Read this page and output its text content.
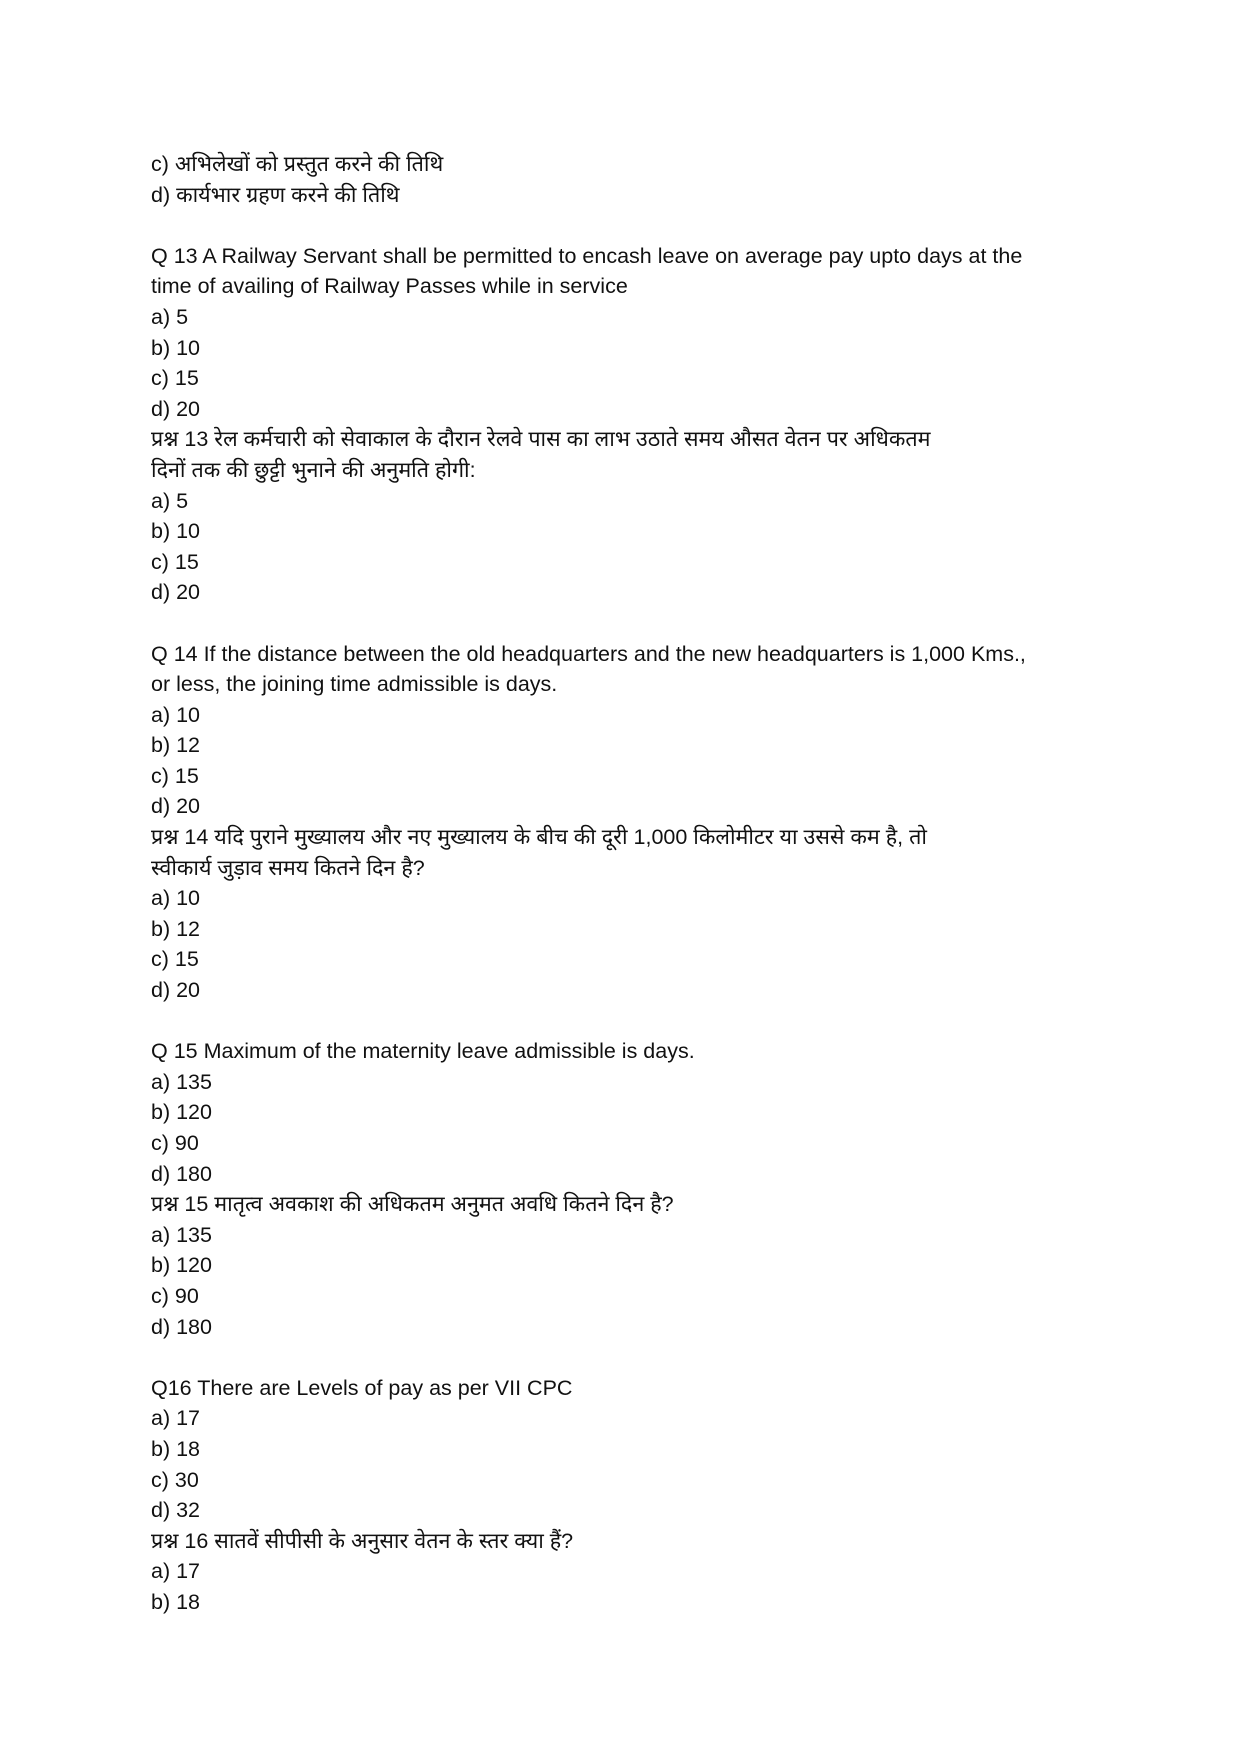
c) अभिलेखों को प्रस्तुत करने की तिथि
d) कार्यभार ग्रहण करने की तिथि
Q 13 A Railway Servant shall be permitted to encash leave on average pay upto days at the
time of availing of Railway Passes while in service
a) 5
b) 10
c) 15
d) 20
प्रश्न 13 रेल कर्मचारी को सेवाकाल के दौरान रेलवे पास का लाभ उठाते समय औसत वेतन पर अधिकतम
दिनों तक की छुट्टी भुनाने की अनुमति होगी:
a) 5
b) 10
c) 15
d) 20
Q 14 If the distance between the old headquarters and the new headquarters is 1,000 Kms.,
or less, the joining time admissible is days.
a) 10
b) 12
c) 15
d) 20
प्रश्न 14 यदि पुराने मुख्यालय और नए मुख्यालय के बीच की दूरी 1,000 किलोमीटर या उससे कम है, तो
स्वीकार्य जुड़ाव समय कितने दिन है?
a) 10
b) 12
c) 15
d) 20
Q 15 Maximum of the maternity leave admissible is days.
a) 135
b) 120
c) 90
d) 180
प्रश्न 15 मातृत्व अवकाश की अधिकतम अनुमत अवधि कितने दिन है?
a) 135
b) 120
c) 90
d) 180
Q16 There are Levels of pay as per VII CPC
a) 17
b) 18
c) 30
d) 32
प्रश्न 16 सातवें सीपीसी के अनुसार वेतन के स्तर क्या हैं?
a) 17
b) 18
